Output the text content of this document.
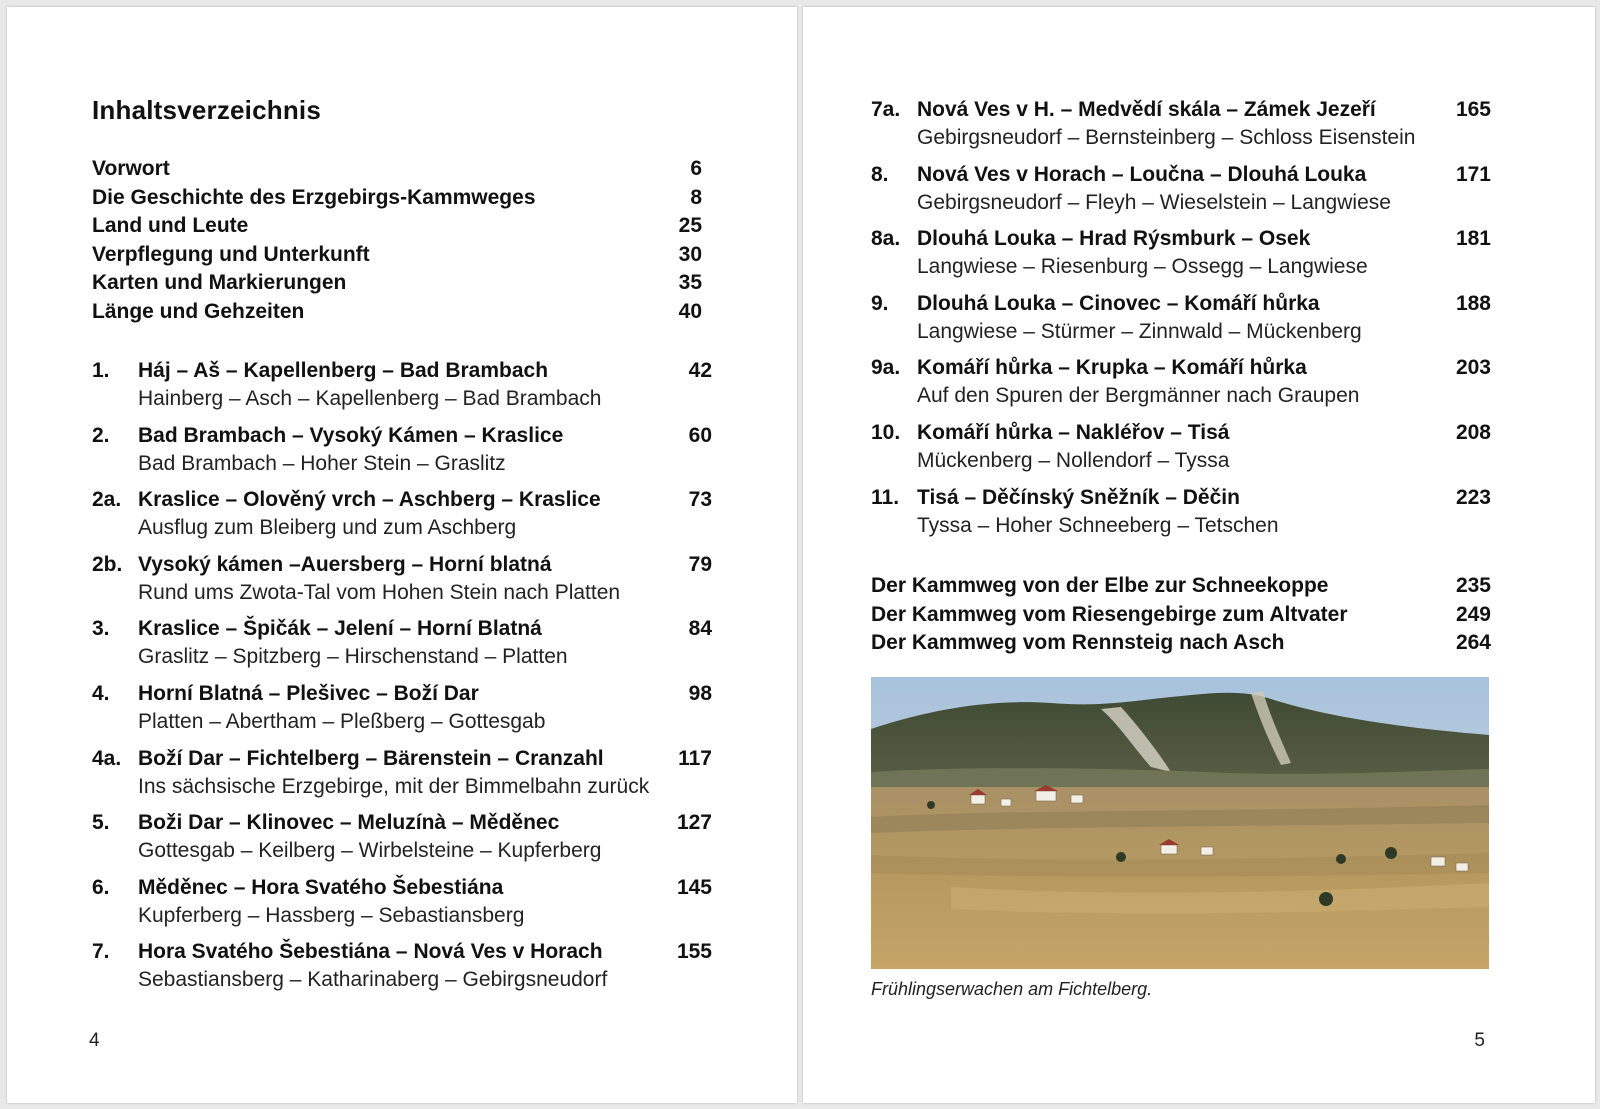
Inhaltsverzeichnis
Vorwort	6
Die Geschichte des Erzgebirgs-Kammweges	8
Land und Leute	25
Verpflegung und Unterkunft	30
Karten und Markierungen	35
Länge und Gehzeiten	40
1. Háj – Aš – Kapellenberg – Bad Brambach	42
Hainberg – Asch – Kapellenberg – Bad Brambach
2. Bad Brambach – Vysoký Kámen – Kraslice	60
Bad Brambach – Hoher Stein – Graslitz
2a. Kraslice – Olověný vrch – Aschberg – Kraslice	73
Ausflug zum Bleiberg und zum Aschberg
2b. Vysoký kámen –Auersberg – Horní blatná	79
Rund ums Zwota-Tal vom Hohen Stein nach Platten
3. Kraslice – Špičák – Jelení – Horní Blatná	84
Graslitz – Spitzberg – Hirschenstand – Platten
4. Horní Blatná – Plešivec – Boží Dar	98
Platten – Abertham – Pleßberg – Gottesgab
4a. Boží Dar – Fichtelberg – Bärenstein – Cranzahl	117
Ins sächsische Erzgebirge, mit der Bimmelbahn zurück
5. Boži Dar – Klinovec – Meluzínà – Měděnec	127
Gottesgab – Keilberg – Wirbelsteine – Kupferberg
6. Měděnec – Hora Svatého Šebestiána	145
Kupferberg – Hassberg – Sebastiansberg
7. Hora Svatého Šebestiána – Nová Ves v Horach	155
Sebastiansberg – Katharinaberg – Gebirgsneudorf
4
7a. Nová Ves v H. – Medvědí skála – Zámek Jezeří	165
Gebirgsneudorf – Bernsteinberg – Schloss Eisenstein
8. Nová Ves v Horach – Loučna – Dlouhá Louka	171
Gebirgsneudorf – Fleyh – Wieselstein – Langwiese
8a. Dlouhá Louka – Hrad Rýsmburk – Osek	181
Langwiese – Riesenburg – Ossegg – Langwiese
9. Dlouhá Louka – Cinovec – Komáří hůrka	188
Langwiese – Stürmer – Zinnwald – Mückenberg
9a. Komáří hůrka – Krupka – Komáří hůrka	203
Auf den Spuren der Bergmänner nach Graupen
10. Komáří hůrka – Nakléřov – Tisá	208
Mückenberg – Nollendorf – Tyssa
11. Tisá – Děčínský Sněžník – Děčin	223
Tyssa – Hoher Schneeberg – Tetschen
Der Kammweg von der Elbe zur Schneekoppe	235
Der Kammweg vom Riesengebirge zum Altvater	249
Der Kammweg vom Rennsteig nach Asch	264
Frühlingserwachen am Fichtelberg.
5
